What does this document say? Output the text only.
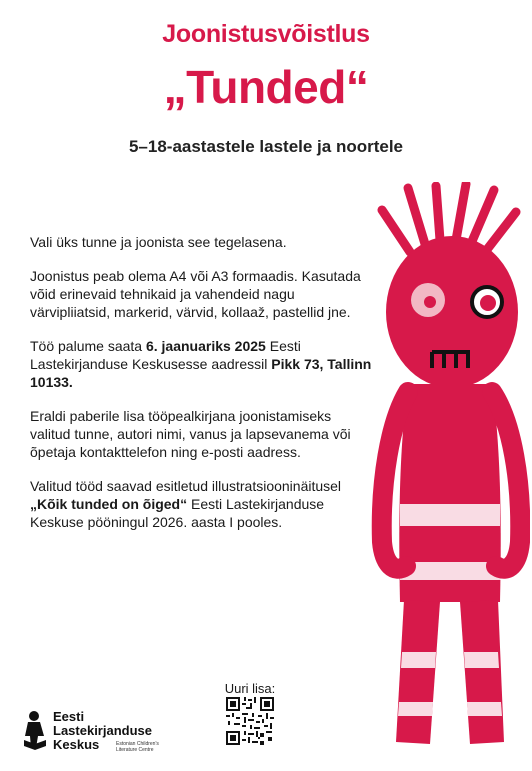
Joonistusvõistlus
„Tunded“
5–18-aastastele lastele ja noortele

Vali üks tunne ja joonista see tegelasena.

Joonistus peab olema A4 või A3 formaadis. Kasutada võid erinevaid tehnikaid ja vahendeid nagu värvipliiatsid, markerid, värvid, kollaaž, pastellid jne.

Töö palume saata 6. jaanuariks 2025 Eesti Lastekirjanduse Keskusesse aadressil Pikk 73, Tallinn 10133.

Eraldi paberile lisa tööpealkirjana joonistamiseks valitud tunne, autori nimi, vanus ja lapsevanema või õpetaja kontakttelefon ning e-posti aadress.

Valitud tööd saavad esitletud illustratsiooninäitusel „Kõik tunded on õiged“ Eesti Lastekirjanduse Keskuse pööningul 2026. aasta I pooles.

Uuri lisa:
Eesti
Lastekirjanduse
Keskus	Estonian Children's
Literature Centre
